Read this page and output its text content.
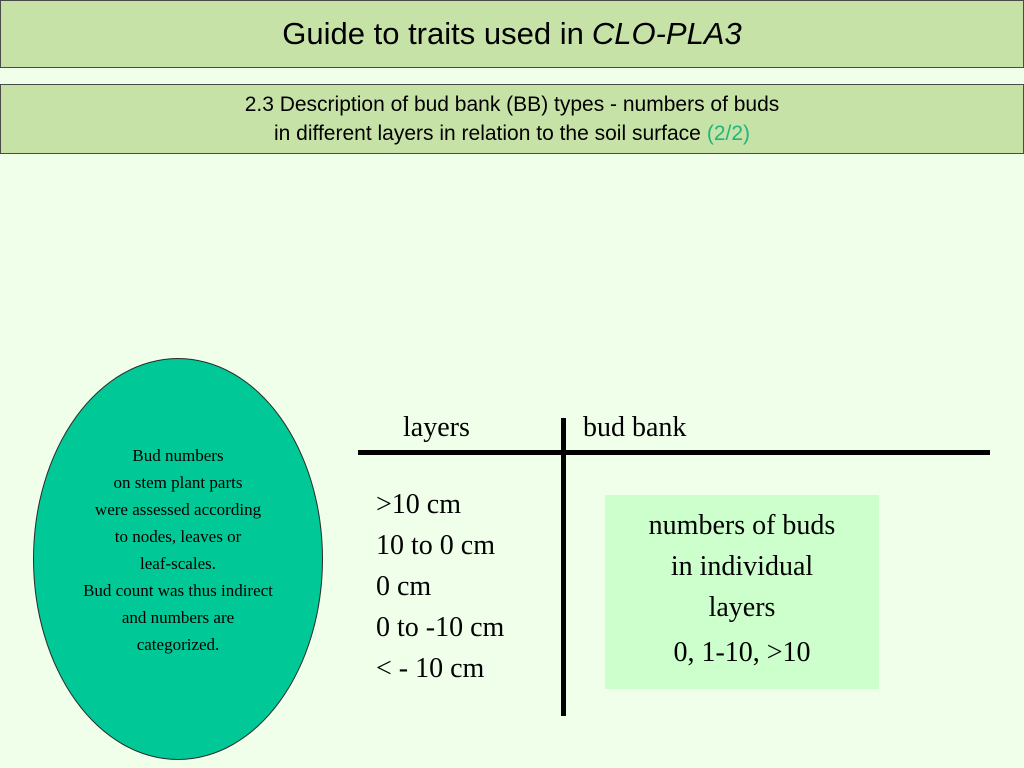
Guide to traits used in CLO-PLA3
2.3 Description of bud bank (BB) types - numbers of buds
in different layers in relation to the soil surface (2/2)
Bud numbers
on stem plant parts
were assessed according
to nodes, leaves or
leaf-scales.
Bud count was thus indirect
and numbers are
categorized.
layers	bud bank
>10 cm
10 to 0 cm
0 cm
0 to -10 cm
< - 10 cm
numbers of buds
in individual
layers
0, 1-10, >10
